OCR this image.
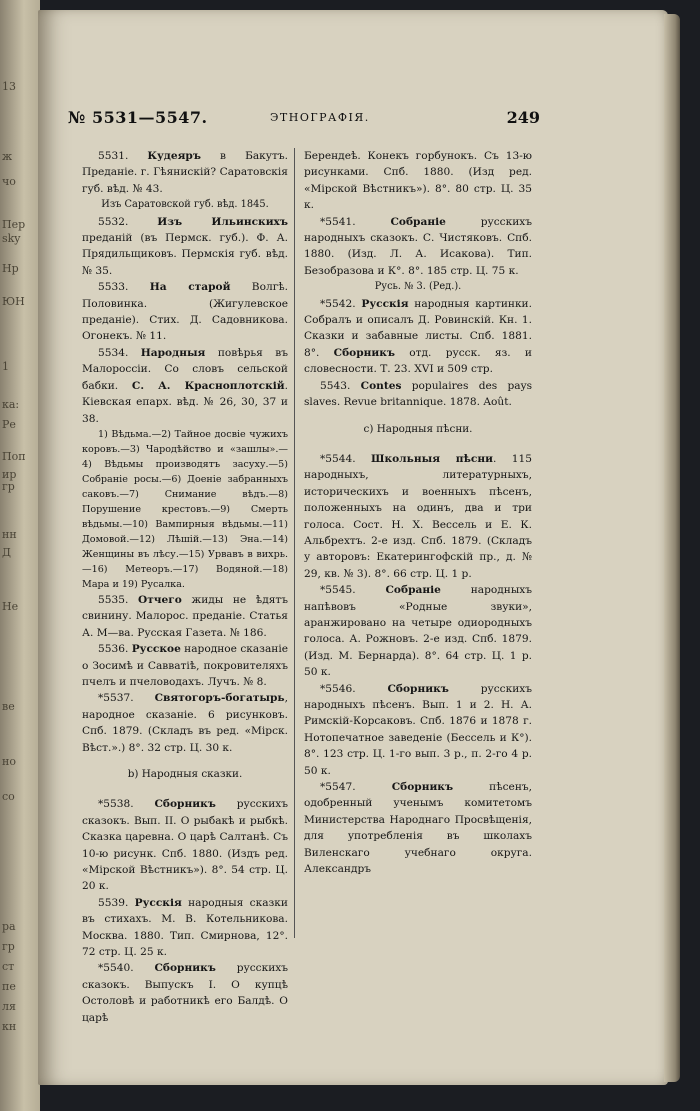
13
ж
чо
Пер
sky
Нр
ЮН
1
ка:
Ре
Поп
ир
гр
нн
Д
Не
ве
но
со
ра
гр
ст
пе
ля
кн
№ 5531—5547.	ЭТНОГРАФІЯ.	249

5531. Кудеяръ в Бакутъ. Преданіе. г. Гѣянискій? Саратовскія губ. вѣд. № 43.

Изъ Саратовской губ. вѣд. 1845.

5532. Изъ Ильинскихъ преданій (въ Пермск. губ.). Ф. А. Прядильщиковъ. Пермскія губ. вѣд. № 35.

5533. На старой Волгѣ. Половинка. (Жигулевское преданіе). Стих. Д. Садовникова. Огонекъ. № 11.

5534. Народныя повѣрья въ Малороссіи. Со словъ сельской бабки. С. А. Красноплотскій. Кіевская епарх. вѣд. № 26, 30, 37 и 38.

1) Вѣдьма.—2) Тайное досвіе чужихъ коровъ.—3) Чародѣйство и «зашлы».—4) Вѣдьмы производятъ засуху.—5) Собраніе росы.—6) Доеніе забранныхъ саковъ.—7) Снимание вѣдъ.—8) Порушение крестовъ.—9) Смерть вѣдьмы.—10) Вампирныя вѣдьмы.—11) Домовой.—12) Лѣшій.—13) Эна.—14) Женщины въ лѣсу.—15) Урвавъ в вихрь.—16) Метеоръ.—17) Водяной.—18) Мара и 19) Русалка.

5535. Отчего жиды не ѣдятъ свинину. Малорос. преданіе. Статья А. М—ва. Русская Газета. № 186.

5536. Русское народное сказаніе о Зосимѣ и Савватіѣ, покровителяхъ пчелъ и пчеловодахъ. Лучъ. № 8.

*5537. Святогоръ-богатырь, народное сказаніе. 6 рисунковъ. Спб. 1879. (Складъ въ ред. «Мірск. Вѣст.».) 8°. 32 стр. Ц. 30 к.

b) Народныя сказки.

*5538. Сборникъ русскихъ сказокъ. Вып. II. О рыбакѣ и рыбкѣ. Сказка царевна. О царѣ Салтанѣ. Съ 10-ю рисунк. Спб. 1880. (Издъ ред. «Мірской Вѣстникъ»). 8°. 54 стр. Ц. 20 к.

5539. Русскія народныя сказки въ стихахъ. М. В. Котельникова. Москва. 1880. Тип. Смирнова, 12°. 72 стр. Ц. 25 к.

*5540. Сборникъ русскихъ сказокъ. Выпускъ I. О купцѣ Остоловѣ и работникѣ его Балдѣ. О царѣ

Берендеѣ. Конекъ горбунокъ. Съ 13-ю рисунками. Спб. 1880. (Изд ред. «Мірской Вѣстникъ»). 8°. 80 стр. Ц. 35 к.

*5541. Собраніе русскихъ народныхъ сказокъ. С. Чистяковъ. Спб. 1880. (Изд. Л. А. Исакова). Тип. Безобразова и К°. 8°. 185 стр. Ц. 75 к.

Русь. № 3. (Ред.).

*5542. Русскія народныя картинки. Собралъ и описалъ Д. Ровинскій. Кн. 1. Сказки и забавные листы. Спб. 1881. 8°. Сборникъ отд. русск. яз. и словесности. Т. 23. XVI и 509 стр.

5543. Contes populaires des pays slaves. Revue britannique. 1878. Août.

c) Народныя пѣсни.

*5544. Школьныя пѣсни. 115 народныхъ, литературныхъ, историческихъ и военныхъ пѣсенъ, положенныхъ на одинъ, два и три голоса. Сост. Н. Х. Вессель и Е. К. Альбрехтъ. 2-е изд. Спб. 1879. (Складъ у авторовъ: Екатерингофскій пр., д. № 29, кв. № 3). 8°. 66 стр. Ц. 1 р.

*5545. Собраніе народныхъ напѣвовъ «Родные звуки», аранжировано на четыре одиородныхъ голоса. А. Рожновъ. 2-е изд. Спб. 1879. (Изд. М. Бернарда). 8°. 64 стр. Ц. 1 р. 50 к.

*5546. Сборникъ русскихъ народныхъ пѣсенъ. Вып. 1 и 2. Н. А. Римскій-Корсаковъ. Спб. 1876 и 1878 г. Нотопечатное заведеніе (Бессель и К°). 8°. 123 стр. Ц. 1-го вып. 3 р., п. 2-го 4 р. 50 к.

*5547. Сборникъ пѣсенъ, одобренный ученымъ комитетомъ Министерства Народнаго Просвѣщенія, для употребленія въ школахъ Виленскаго учебнаго округа. Александръ
